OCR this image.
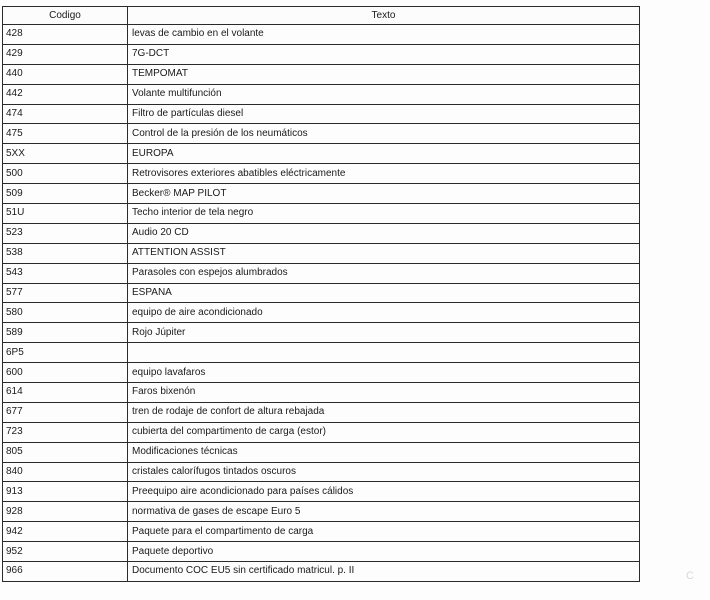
Codigo	Texto
428	levas de cambio en el volante
429	7G-DCT
440	TEMPOMAT
442	Volante multifunción
474	Filtro de partículas diesel
475	Control de la presión de los neumáticos
5XX	EUROPA
500	Retrovisores exteriores abatibles eléctricamente
509	Becker® MAP PILOT
51U	Techo interior de tela negro
523	Audio 20 CD
538	ATTENTION ASSIST
543	Parasoles con espejos alumbrados
577	ESPANA
580	equipo de aire acondicionado
589	Rojo Júpiter
6P5	
600	equipo lavafaros
614	Faros bixenón
677	tren de rodaje de confort de altura rebajada
723	cubierta del compartimento de carga (estor)
805	Modificaciones técnicas
840	cristales calorífugos tintados oscuros
913	Preequipo aire acondicionado para países cálidos
928	normativa de gases de escape Euro 5
942	Paquete para el compartimento de carga
952	Paquete deportivo
966	Documento COC EU5 sin certificado matricul. p. II	C
